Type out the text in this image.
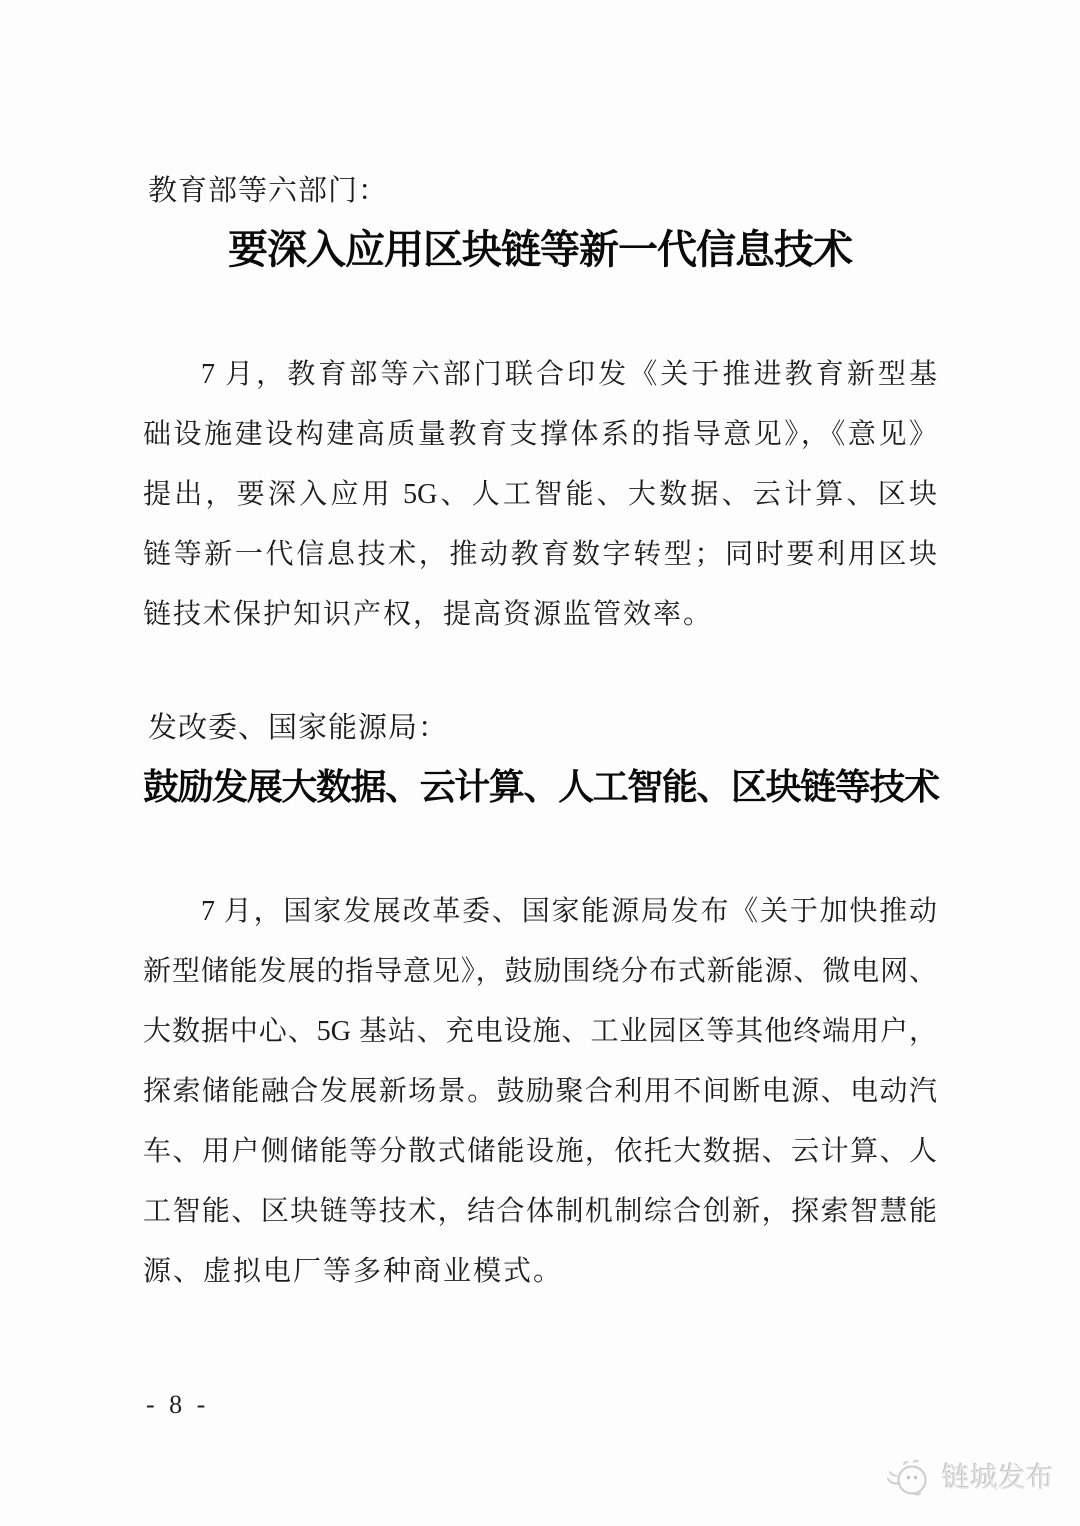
教育部等六部门：
要深入应用区块链等新一代信息技术
7 月，教育部等六部门联合印发《关于推进教育新型基
础设施建设构建高质量教育支撑体系的指导意见》，《意见》
提出，要深入应用 5G、人工智能、大数据、云计算、区块
链等新一代信息技术，推动教育数字转型；同时要利用区块
链技术保护知识产权，提高资源监管效率。
发改委、国家能源局：
鼓励发展大数据、云计算、人工智能、区块链等技术
7 月，国家发展改革委、国家能源局发布《关于加快推动
新型储能发展的指导意见》，鼓励围绕分布式新能源、微电网、
大数据中心、5G 基站、充电设施、工业园区等其他终端用户，
探索储能融合发展新场景。鼓励聚合利用不间断电源、电动汽
车、用户侧储能等分散式储能设施，依托大数据、云计算、人
工智能、区块链等技术，结合体制机制综合创新，探索智慧能
源、虚拟电厂等多种商业模式。
- 8 -
链城发布
